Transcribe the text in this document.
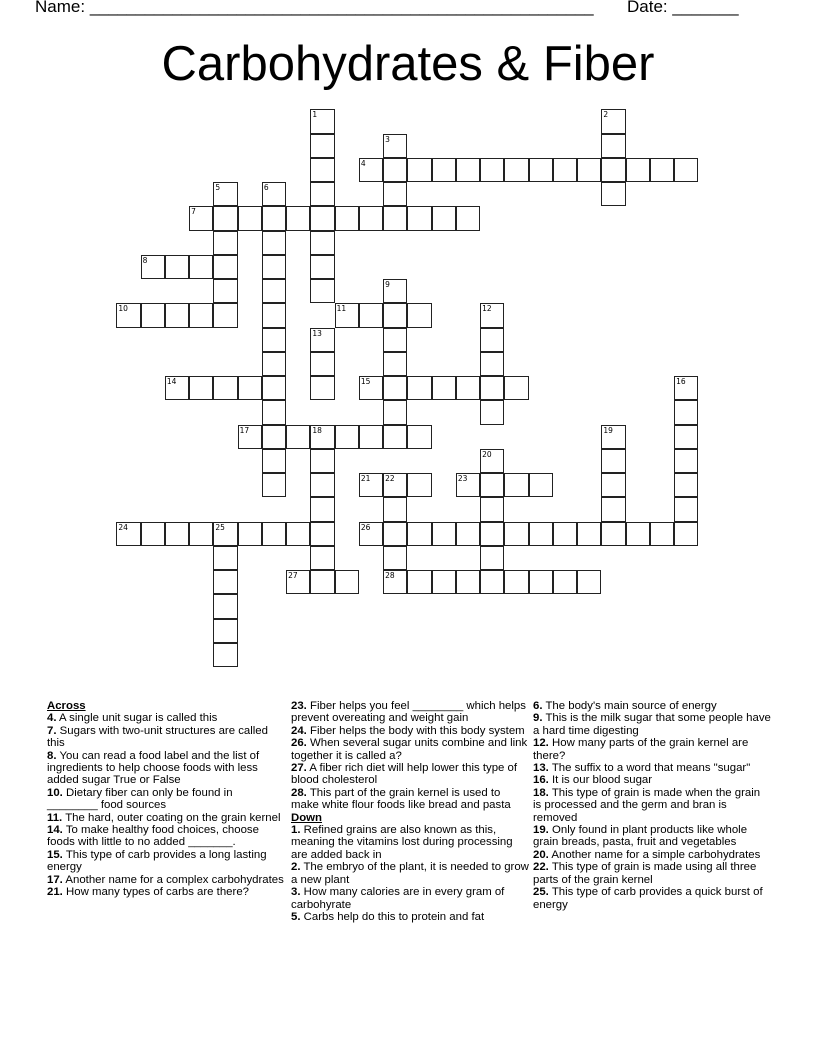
Name: _______________________________________________________ Date: _______
Carbohydrates & Fiber
4
7
8
10	11
14	15
17	18
21 22	23
24	25	26
27	28
1	2
3
5	6
9
12
13
16
19
20
Across
4. A single unit sugar is called this
7. Sugars with two-unit structures are called this
8. You can read a food label and the list of ingredients to help choose foods with less added sugar True or False
10. Dietary fiber can only be found in ________ food sources
11. The hard, outer coating on the grain kernel
14. To make healthy food choices, choose foods with little to no added _______.
15. This type of carb provides a long lasting energy
17. Another name for a complex carbohydrates
21. How many types of carbs are there?
23. Fiber helps you feel ________ which helps prevent overeating and weight gain
24. Fiber helps the body with this body system
26. When several sugar units combine and link together it is called a?
27. A fiber rich diet will help lower this type of blood cholesterol
28. This part of the grain kernel is used to make white flour foods like bread and pasta
Down
1. Refined grains are also known as this, meaning the vitamins lost during processing are added back in
2. The embryo of the plant, it is needed to grow a new plant
3. How many calories are in every gram of carbohyrate
5. Carbs help do this to protein and fat
6. The body's main source of energy
9. This is the milk sugar that some people have a hard time digesting
12. How many parts of the grain kernel are there?
13. The suffix to a word that means "sugar"
16. It is our blood sugar
18. This type of grain is made when the grain is processed and the germ and bran is removed
19. Only found in plant products like whole grain breads, pasta, fruit and vegetables
20. Another name for a simple carbohydrates
22. This type of grain is made using all three parts of the grain kernel
25. This type of carb provides a quick burst of energy
